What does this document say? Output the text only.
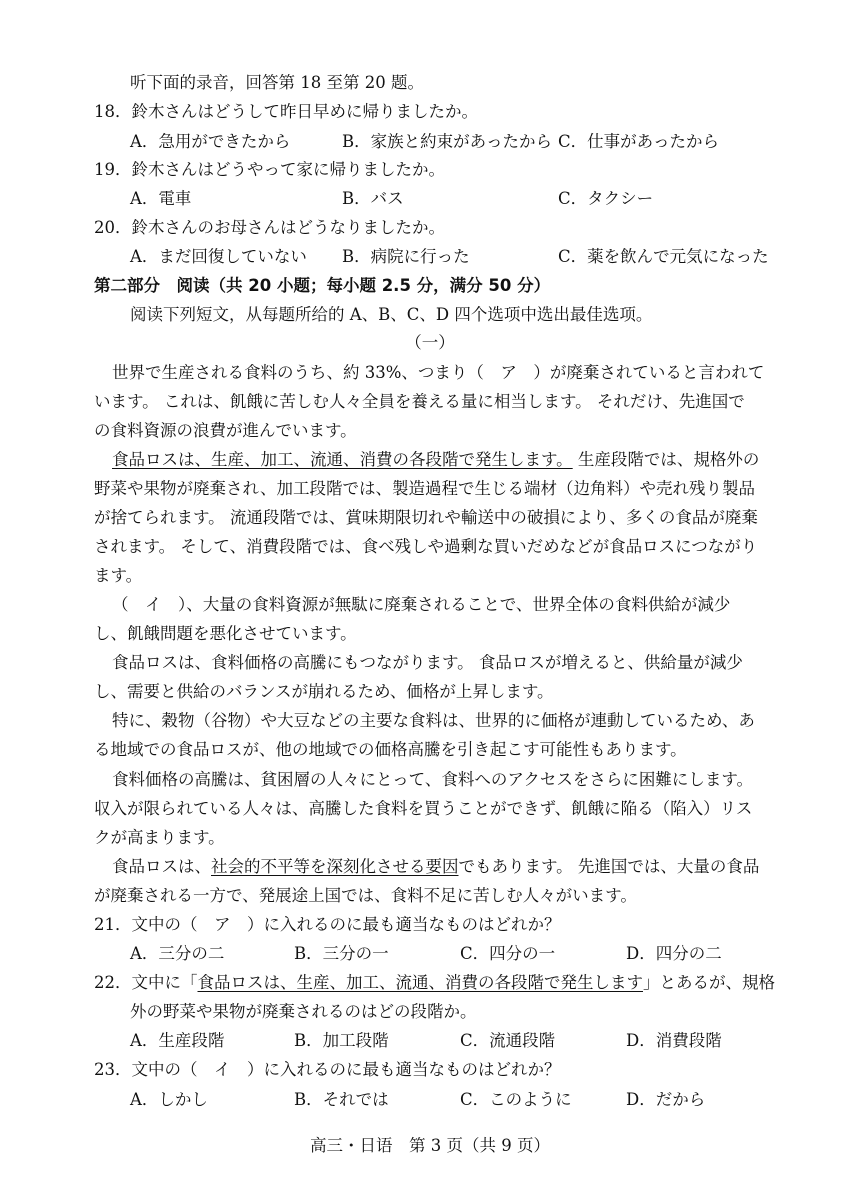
听下面的录音，回答第 18 至第 20 题。
18．鈴木さんはどうして昨日早めに帰りましたか。
A．急用ができたから	B．家族と約束があったから C．仕事があったから
19．鈴木さんはどうやって家に帰りましたか。
A．電車	B．バス	C．タクシー
20．鈴木さんのお母さんはどうなりましたか。
A．まだ回復していない B．病院に行った	C．薬を飲んで元気になった
第二部分　阅读（共 20 小题；每小题 2.5 分，满分 50 分）
阅读下列短文，从每题所给的 A、B、C、D 四个选项中选出最佳选项。
（一）
世界で生産される食料のうち、約 33%、つまり（　ア　）が廃棄されていると言われて
います。 これは、飢餓に苦しむ人々全員を養える量に相当します。 それだけ、先進国で
の食料資源の浪費が進んでいます。
食品ロスは、生産、加工、流通、消費の各段階で発生します。 生産段階では、規格外の
野菜や果物が廃棄され、加工段階では、製造過程で生じる端材（边角料）や売れ残り製品
が捨てられます。 流通段階では、賞味期限切れや輸送中の破損により、多くの食品が廃棄
されます。 そして、消費段階では、食べ残しや過剰な買いだめなどが食品ロスにつながり
ます。
（　イ　）、大量の食料資源が無駄に廃棄されることで、世界全体の食料供給が減少
し、飢餓問題を悪化させています。
食品ロスは、食料価格の高騰にもつながります。 食品ロスが増えると、供給量が減少
し、需要と供給のバランスが崩れるため、価格が上昇します。
特に、穀物（谷物）や大豆などの主要な食料は、世界的に価格が連動しているため、あ
る地域での食品ロスが、他の地域での価格高騰を引き起こす可能性もあります。
食料価格の高騰は、貧困層の人々にとって、食料へのアクセスをさらに困難にします。
収入が限られている人々は、高騰した食料を買うことができず、飢餓に陥る（陷入）リス
クが高まります。
食品ロスは、社会的不平等を深刻化させる要因でもあります。 先進国では、大量の食品
が廃棄される一方で、発展途上国では、食料不足に苦しむ人々がいます。
21．文中の（　ア　）に入れるのに最も適当なものはどれか？
A．三分の二	B．三分の一	C．四分の一	D．四分の二
22．文中に「食品ロスは、生産、加工、流通、消費の各段階で発生します」とあるが、規格
外の野菜や果物が廃棄されるのはどの段階か。
A．生産段階	B．加工段階	C．流通段階	D．消費段階
23．文中の（　イ　）に入れるのに最も適当なものはどれか？
A．しかし	B．それでは	C．このように	D．だから
高三・日语　第 3 页（共 9 页）
